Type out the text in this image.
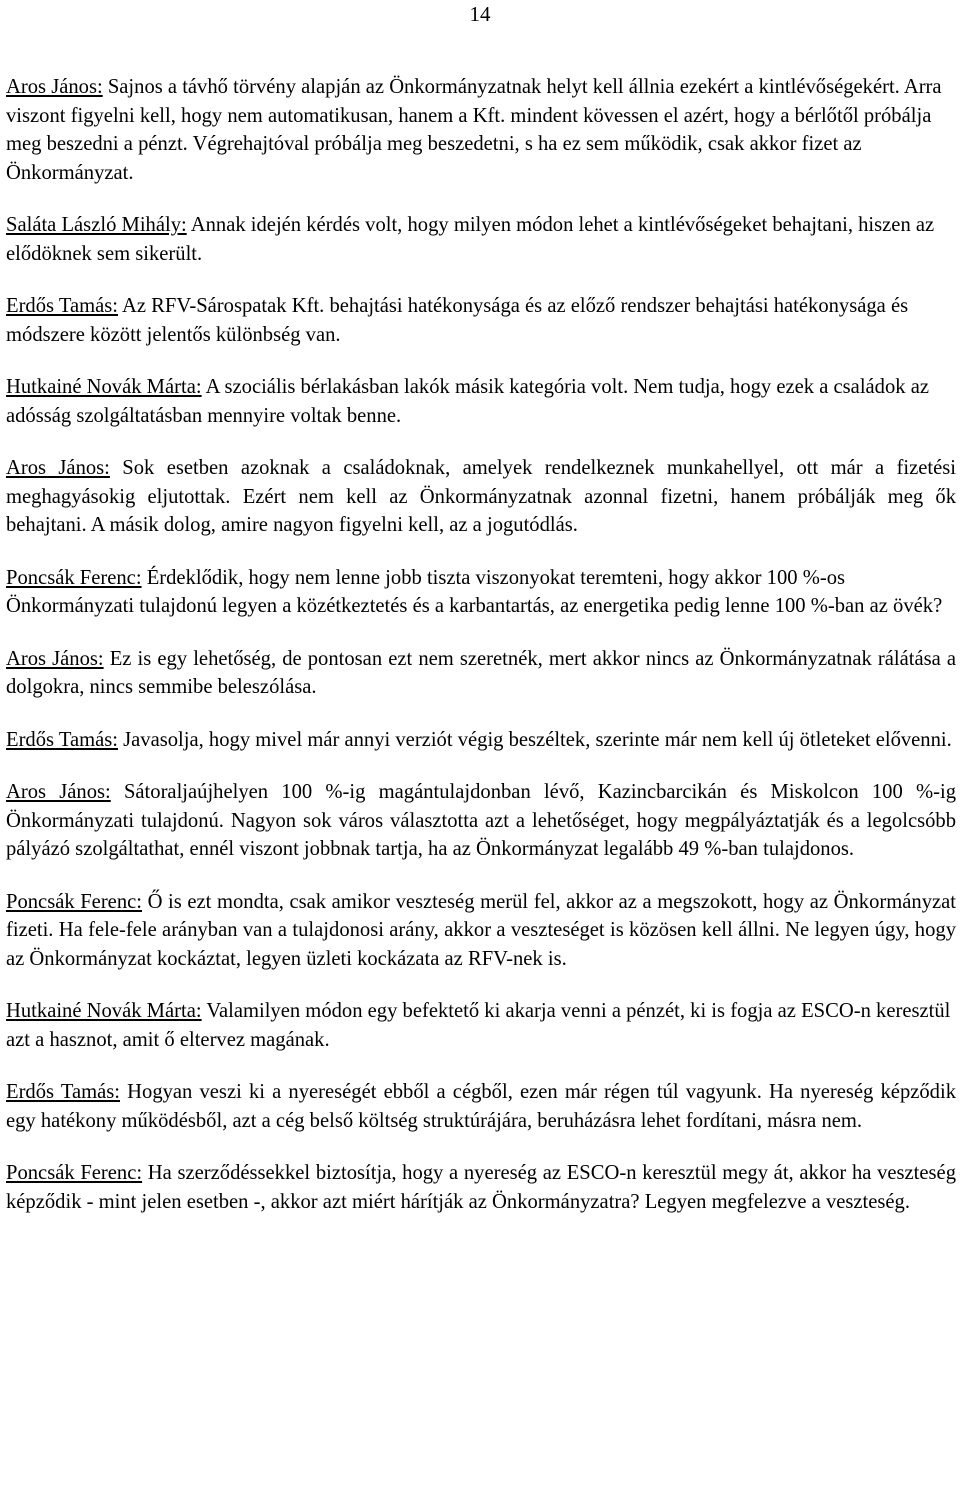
14

Aros János: Sajnos a távhő törvény alapján az Önkormányzatnak helyt kell állnia ezekért a kintlévőségekért. Arra viszont figyelni kell, hogy nem automatikusan, hanem a Kft. mindent kövessen el azért, hogy a bérlőtől próbálja meg beszedni a pénzt. Végrehajtóval próbálja meg beszedetni, s ha ez sem működik, csak akkor fizet az Önkormányzat.

Saláta László Mihály: Annak idején kérdés volt, hogy milyen módon lehet a kintlévőségeket behajtani, hiszen az elődöknek sem sikerült.

Erdős Tamás: Az RFV-Sárospatak Kft. behajtási hatékonysága és az előző rendszer behajtási hatékonysága és módszere között jelentős különbség van.

Hutkainé Novák Márta: A szociális bérlakásban lakók másik kategória volt. Nem tudja, hogy ezek a családok az adósság szolgáltatásban mennyire voltak benne.

Aros János: Sok esetben azoknak a családoknak, amelyek rendelkeznek munkahellyel, ott már a fizetési meghagyásokig eljutottak. Ezért nem kell az Önkormányzatnak azonnal fizetni, hanem próbálják meg ők behajtani. A másik dolog, amire nagyon figyelni kell, az a jogutódlás.

Poncsák Ferenc: Érdeklődik, hogy nem lenne jobb tiszta viszonyokat teremteni, hogy akkor 100 %-os Önkormányzati tulajdonú legyen a közétkeztetés és a karbantartás, az energetika pedig lenne 100 %-ban az övék?

Aros János: Ez is egy lehetőség, de pontosan ezt nem szeretnék, mert akkor nincs az Önkormányzatnak rálátása a dolgokra, nincs semmibe beleszólása.

Erdős Tamás: Javasolja, hogy mivel már annyi verziót végig beszéltek, szerinte már nem kell új ötleteket elővenni.

Aros János: Sátoraljaújhelyen 100 %-ig magántulajdonban lévő, Kazincbarcikán és Miskolcon 100 %-ig Önkormányzati tulajdonú. Nagyon sok város választotta azt a lehetőséget, hogy megpályáztatják és a legolcsóbb pályázó szolgáltathat, ennél viszont jobbnak tartja, ha az Önkormányzat legalább 49 %-ban tulajdonos.

Poncsák Ferenc: Ő is ezt mondta, csak amikor veszteség merül fel, akkor az a megszokott, hogy az Önkormányzat fizeti. Ha fele-fele arányban van a tulajdonosi arány, akkor a veszteséget is közösen kell állni. Ne legyen úgy, hogy az Önkormányzat kockáztat, legyen üzleti kockázata az RFV-nek is.

Hutkainé Novák Márta: Valamilyen módon egy befektető ki akarja venni a pénzét, ki is fogja az ESCO-n keresztül azt a hasznot, amit ő eltervez magának.

Erdős Tamás: Hogyan veszi ki a nyereségét ebből a cégből, ezen már régen túl vagyunk. Ha nyereség képződik egy hatékony működésből, azt a cég belső költség struktúrájára, beruházásra lehet fordítani, másra nem.

Poncsák Ferenc: Ha szerződéssekkel biztosítja, hogy a nyereség az ESCO-n keresztül megy át, akkor ha veszteség képződik - mint jelen esetben -, akkor azt miért hárítják az Önkormányzatra? Legyen megfelezve a veszteség.
